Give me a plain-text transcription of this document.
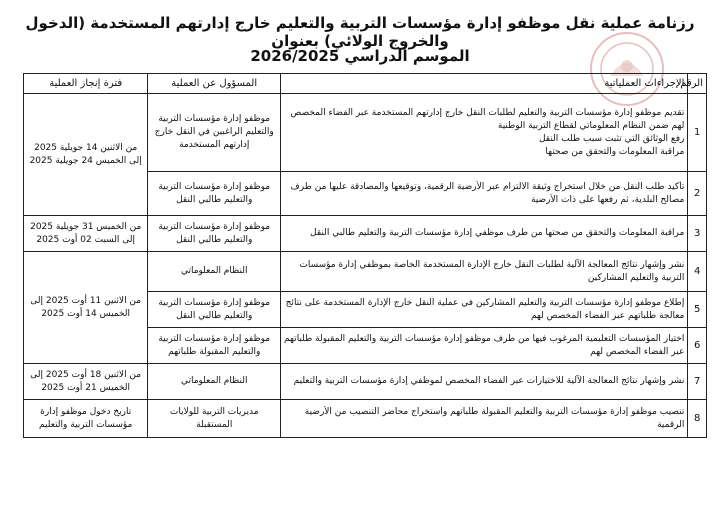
رزنامة عملية نقل موظفو إدارة مؤسسات التربية والتعليم خارج إدارتهم المستخدمة (الدخول والخروج الولائي) بعنوان
الموسم الدراسي 2026/2025
الرقم	الإجراءات العملياتية	المسؤول عن العملية	فترة إنجاز العملية
1	تقديم موظفو إدارة مؤسسات التربية والتعليم لطلبات النقل خارج إدارتهم المستخدمة عبر الفضاء المخصص
لهم ضمن النظام المعلوماتي لقطاع التربية الوطنية
رفع الوثائق التي تثبت سبب طلب النقل
مراقبة المعلومات والتحقق من صحتها	موظفو إدارة مؤسسات التربية والتعليم الراغبين في النقل خارج إدارتهم المستخدمة	من الاثنين 14 جويلية 2025 إلى الخميس 24 جويلية 2025
2	تأكيد طلب النقل من خلال استخراج وثيقة الالتزام عبر الأرضية الرقمية، وتوقيعها والمصادقة عليها من طرف
مصالح البلدية، ثم رفعها على ذات الأرضية	موظفو إدارة مؤسسات التربية والتعليم طالبي النقل	
3	مراقبة المعلومات والتحقق من صحتها من طرف موظفي إدارة مؤسسات التربية والتعليم طالبي النقل	موظفو إدارة مؤسسات التربية والتعليم طالبي النقل	من الخميس 31 جويلية 2025 إلى السبت 02 أوت 2025
4	نشر وإشهار نتائج المعالجة الآلية لطلبات النقل خارج الإدارة المستخدمة الخاصة بموظفي إدارة مؤسسات
التربية والتعليم المشاركين	النظام المعلوماتي	من الاثنين 11 أوت 2025 إلى الخميس 14 أوت 2025
5	إطلاع موظفو إدارة مؤسسات التربية والتعليم المشاركين في عملية النقل خارج الإدارة المستخدمة على نتائج
معالجة طلباتهم عبر الفضاء المخصص لهم	موظفو إدارة مؤسسات التربية والتعليم طالبي النقل	
6	اختيار المؤسسات التعليمية المرغوب فيها من طرف موظفو إدارة مؤسسات التربية والتعليم المقبولة طلباتهم
عبر الفضاء المخصص لهم	موظفو إدارة مؤسسات التربية والتعليم المقبولة طلباتهم	
7	نشر وإشهار نتائج المعالجة الآلية للاختيارات عبر الفضاء المخصص لموظفي إدارة مؤسسات التربية والتعليم	النظام المعلوماتي	من الاثنين 18 أوت 2025 إلى الخميس 21 أوت 2025
8	تنصيب موظفو إدارة مؤسسات التربية والتعليم المقبولة طلباتهم واستخراج محاضر التنصيب من الأرضية
الرقمية	مديريات التربية للولايات المستقبلة	تاريخ دخول موظفو إدارة مؤسسات التربية والتعليم
